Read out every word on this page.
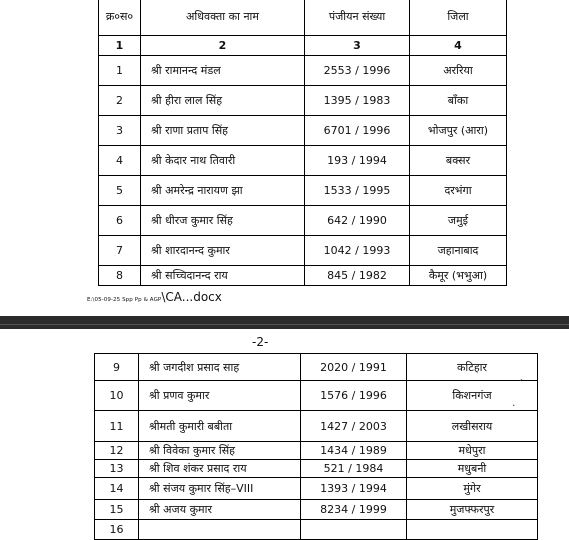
क्र०स०	अधिवक्ता का नाम	पंजीयन संख्या	जिला
1	2	3	4
1	श्री रामानन्द मंडल	2553 / 1996	अररिया
2	श्री हीरा लाल सिंह	1395 / 1983	बाँका
3	श्री राणा प्रताप सिंह	6701 / 1996	भोजपुर (आरा)
4	श्री केदार नाथ तिवारी	193 / 1994	बक्सर
5	श्री अमरेन्द्र नारायण झा	1533 / 1995	दरभंगा
6	श्री धीरज कुमार सिंह	642 / 1990	जमुई
7	श्री शारदानन्द कुमार	1042 / 1993	जहानाबाद
8	श्री सच्चिदानन्द राय	845 / 1982	कैमूर (भभुआ)
E:\05-09-25 Spp Pp & AGP\CA...docx
-2-
9	श्री जगदीश प्रसाद साह	2020 / 1991	कटिहार
10	श्री प्रणव कुमार	1576 / 1996	किशनगंज
11	श्रीमती कुमारी बबीता	1427 / 2003	लखीसराय
12	श्री विवेका कुमार सिंह	1434 / 1989	मधेपुरा
13	श्री शिव शंकर प्रसाद राय	521 / 1984	मधुबनी
14	श्री संजय कुमार सिंह–VIII	1393 / 1994	मुंगेर
15	श्री अजय कुमार	8234 / 1999	मुजफ्फरपुर
16			
′
·
